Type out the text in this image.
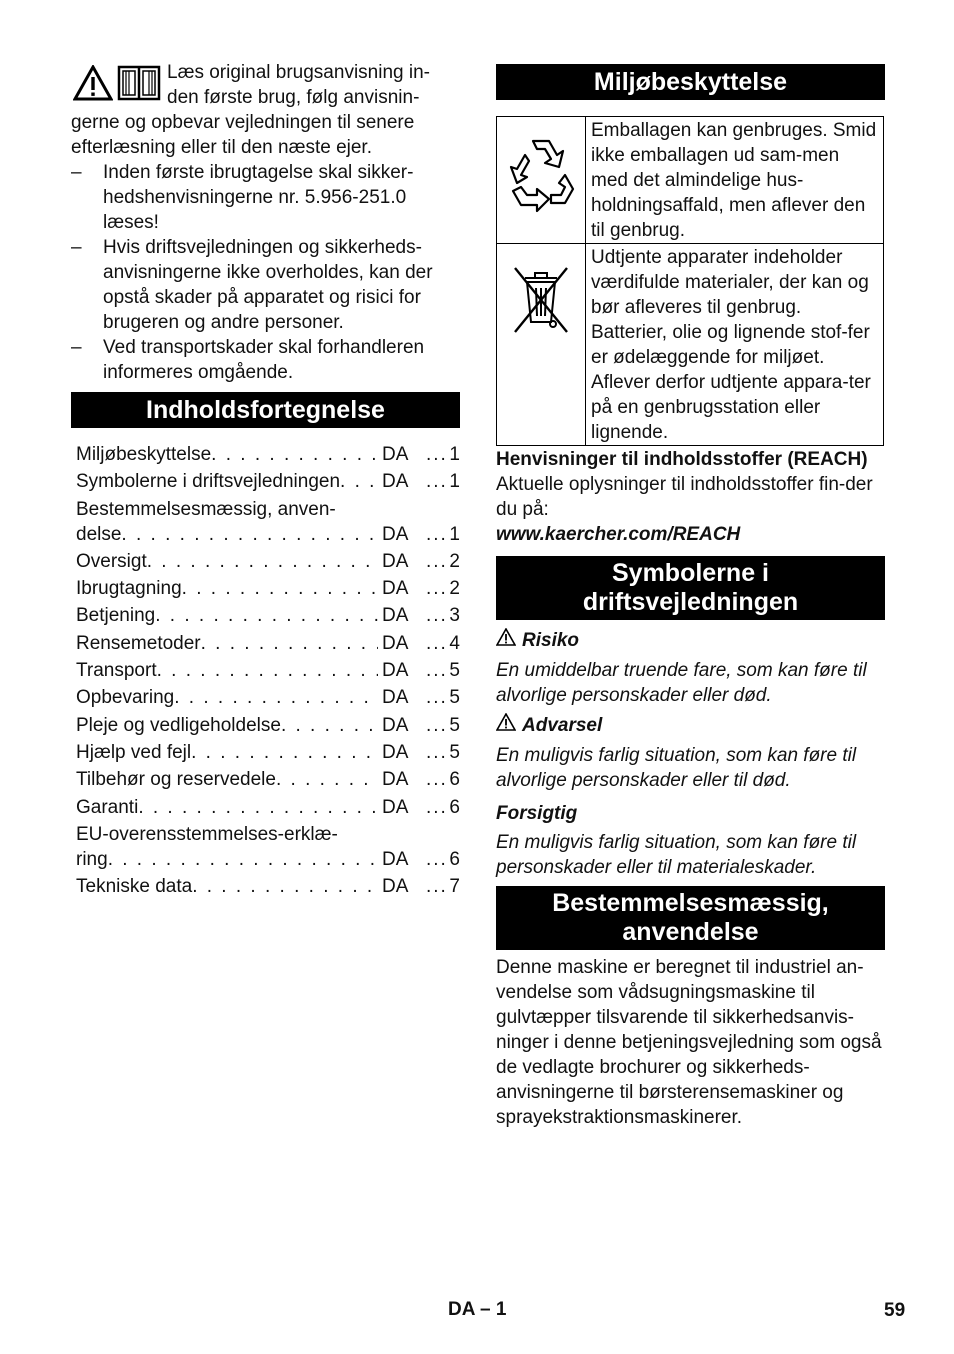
Læs original brugsanvisning in-

den første brug, følg anvisnin-

gerne og opbevar vejledningen til senere efterlæsning eller til den næste ejer.

– Inden første ibrugtagelse skal sikker-hedshenvisningerne nr. 5.956-251.0 læses!
– Hvis driftsvejledningen og sikkerheds-anvisningerne ikke overholdes, kan der opstå skader på apparatet og risici for brugeren og andre personer.
– Ved transportskader skal forhandleren informeres omgående.
Indholdsfortegnelse
Miljøbeskyttelse . . .	DA ... 1
Symbolerne i driftsvejledningen . . . DA ... 1
Bestemmelsesmæssig, anven-
delse . . .	DA ... 1
Oversigt . . .	DA ... 2
Ibrugtagning . . .	DA ... 2
Betjening . . .	DA ... 3
Rensemetoder . . .	DA ... 4
Transport . . .	DA ... 5
Opbevaring . . .	DA ... 5
Pleje og vedligeholdelse . . .	DA ... 5
Hjælp ved fejl . . .	DA ... 5
Tilbehør og reservedele . . .	DA ... 6
Garanti . . .	DA ... 6
EU-overensstemmelses-erklæ-
ring . . .	DA ... 6
Tekniske data . . .	DA ... 7
Miljøbeskyttelse
	Emballagen kan genbruges. Smid ikke emballagen ud sam-men med det almindelige hus-holdningsaffald, men aflever den til genbrug.
	Udtjente apparater indeholder værdifulde materialer, der kan og bør afleveres til genbrug. Batterier, olie og lignende stof-fer er ødelæggende for miljøet. Aflever derfor udtjente appara-ter på en genbrugsstation eller lignende.

Henvisninger til indholdsstoffer (REACH)

Aktuelle oplysninger til indholdsstoffer fin-der du på:

www.kaercher.com/REACH

Symbolerne i
driftsvejledningen
Risiko

En umiddelbar truende fare, som kan føre til alvorlige personskader eller død.

Advarsel

En muligvis farlig situation, som kan føre til alvorlige personskader eller til død.

Forsigtig

En muligvis farlig situation, som kan føre til personskader eller til materialeskader.

Bestemmelsesmæssig,
anvendelse

Denne maskine er beregnet til industriel an-vendelse som vådsugningsmaskine til gulvtæpper tilsvarende til sikkerhedsanvis-ninger i denne betjeningsvejledning som også de vedlagte brochurer og sikkerheds-anvisningerne til børsterensemaskiner og sprayekstraktionsmaskinerer.

DA – 1	59
